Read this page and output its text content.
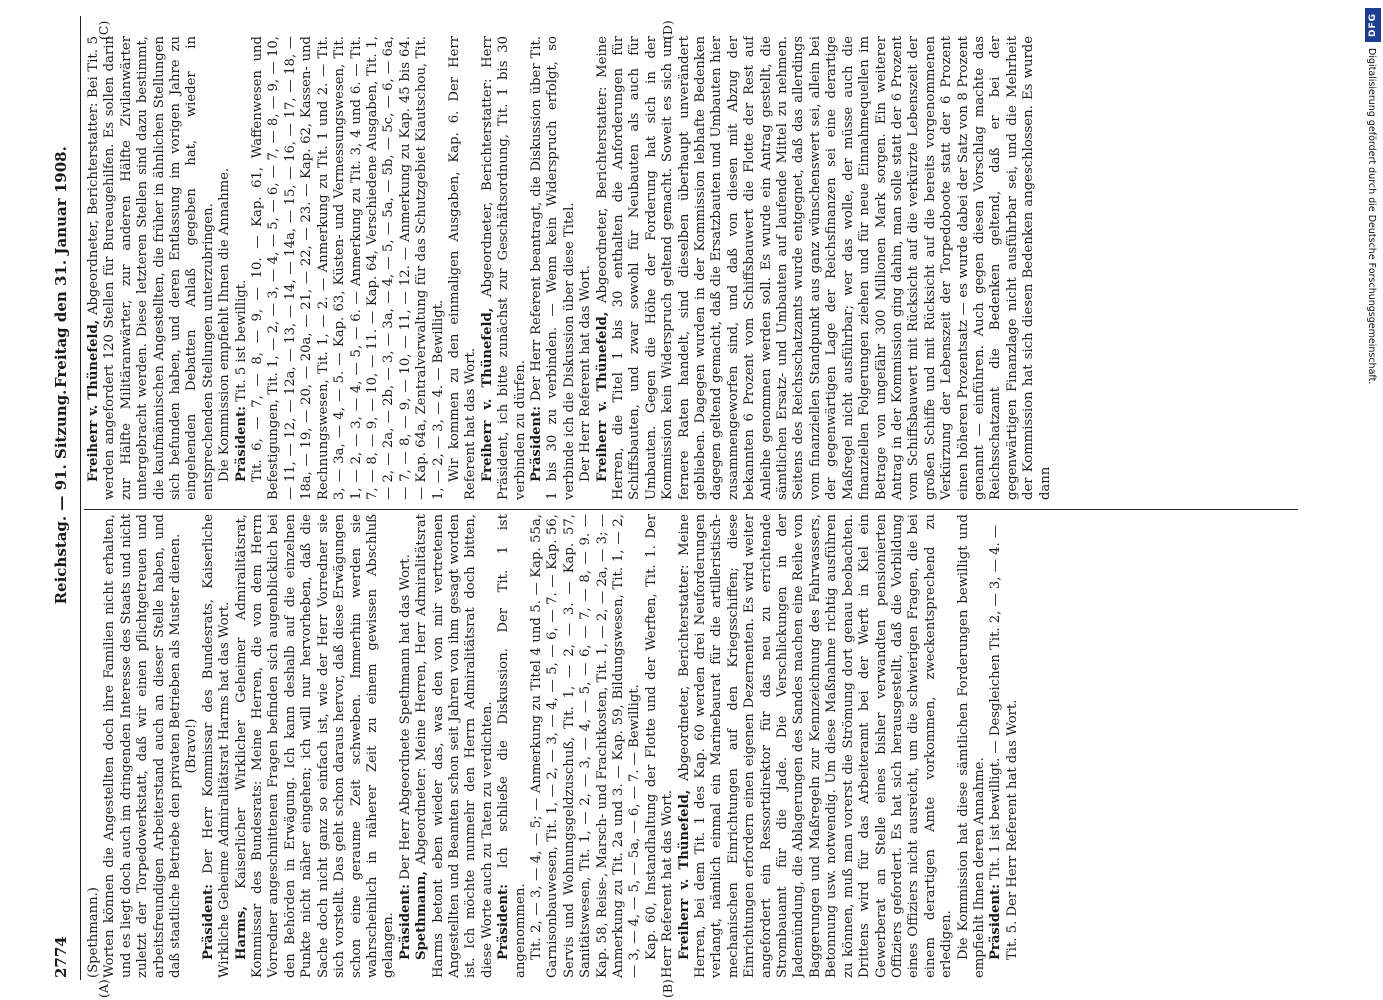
2774
Reichstag. — 91. Sitzung.
Freitag den 31. Januar 1908.

(Spethmann.) Worten können die Angestellten doch ihre Familien nicht erhalten, und es liegt doch auch im dringenden Interesse des Staats und nicht zuletzt der Torpedowerkstatt, daß wir einen pflichtgetreuen und arbeitsfreundigen Arbeiterstand auch an dieser Stelle haben, und daß staatliche Betriebe den privaten Betrieben als Muster dienen. (Bravo!)

Präsident: Der Herr Kommissar des Bundesrats, Kaiserliche Wirkliche Geheime Admiralitätsrat Harms hat das Wort. Harms, Kaiserlicher Wirklicher Geheimer Admiralitätsrat, Kommissar des Bundesrats: Meine Herren, die von dem Herrn Vorredner angeschnittenen Fragen befinden sich augenblicklich bei den Behörden in Erwägung. Ich kann deshalb auf die einzelnen Punkte nicht näher eingehen; ich will nur hervorheben, daß die Sache doch nicht ganz so einfach ist, wie der Herr Vorredner sie sich vorstellt. Das geht schon daraus hervor, daß diese Erwägungen schon eine geraume Zeit schweben. Immerhin werden sie wahrscheinlich in näherer Zeit zu einem gewissen Abschluß gelangen. Präsident: Der Herr Abgeordnete Spethmann hat das Wort.

Spethmann, Abgeordneter: Meine Herren, Herr Admiralitätsrat Harms betont eben wieder das, was den von mir vertretenen Angestellten und Beamten schon seit Jahren von ihm gesagt worden ist. Ich möchte nunmehr den Herrn Admiralitätsrat doch bitten, diese Worte auch zu Taten zu verdichten. Präsident: Ich schließe die Diskussion. Der Tit. 1 ist angenommen. Tit. 2, — 3, — 4, — 5; — Anmerkung zu Titel 4 und 5. — Kap. 55a, Garnisonbauwesen, Tit. 1, — 2, — 3, — 4, — 5, — 6, — 7. — Kap. 56, Servis und Wohnungsgeldzuschuß, Tit. 1, — 2, — 3. — Kap. 57, Sanitätswesen, Tit. 1, — 2, — 3, — 4, — 5, — 6, — 7, — 8, — 9. — Kap. 58, Reise-, Marsch- und Frachtkosten, Tit. 1, — 2, — 2a, — 3; — Anmerkung zu Tit. 2a und 3. — Kap. 59, Bildungswesen, Tit. 1, — 2, — 3, — 4, — 5, — 5a, — 6, — 7. — Bewilligt. Kap. 60, Instandhaltung der Flotte und der Werften, Tit. 1. Der Herr Referent hat das Wort. Freiherr v. Thünefeld, Abgeordneter, Berichterstatter: Meine Herren, bei dem Tit. 1 des Kap. 60 werden drei Neuforderungen verlangt, nämlich einmal ein Marinebaurat für die artilleristisch-mechanischen Einrichtungen auf den Kriegsschiffen; diese Einrichtungen erfordern einen eigenen Dezernenten. Es wird weiter angefordert ein Ressortdirektor für das neu zu errichtende Strombauamt für die Jade. Die Verschlickungen in der Jademündung, die Ablagerungen des Sandes machen eine Reihe von Baggerungen und Maßregeln zur Kennzeichnung des Fahrwassers, Betonnung usw. notwendig. Um diese Maßnahme richtig ausführen zu können, muß man vorerst die Strömung dort genau beobachten. Drittens wird für das Arbeiteramt bei der Werft in Kiel ein Gewerberat an Stelle eines bisher verwandten pensionierten Offiziers gefordert. Es hat sich herausgestellt, daß die Vorbildung eines Offiziers nicht ausreicht, um die schwierigen Fragen, die bei einem derartigen Amte vorkommen, zweckentsprechend zu erledigen. Die Kommission hat diese sämtlichen Forderungen bewilligt und empfiehlt Ihnen deren Annahme. Präsident: Tit. 1 ist bewilligt. — Desgleichen Tit. 2, — 3, — 4. — Tit. 5. Der Herr Referent hat das Wort.

Freiherr v. Thünefeld, Abgeordneter, Berichterstatter: Bei Tit. 5 werden angefordert 120 Stellen für Bureaugehilfen. Es sollen darin zur Hälfte Militäranwärter, zur anderen Hälfte Zivilanwärter untergebracht werden. Diese letzteren Stellen sind dazu bestimmt, die kaufmännischen Angestellten, die früher in ähnlichen Stellungen sich befunden haben, und deren Entlassung im vorigen Jahre zu eingehenden Debatten Anlaß gegeben hat, wieder in entsprechenden Stellungen unterzubringen. Die Kommission empfiehlt Ihnen die Annahme. Präsident: Tit. 5 ist bewilligt. Tit. 6, — 7, — 8, — 9, — 10. — Kap. 61, Waffenwesen und Befestigungen, Tit. 1, — 2, — 3, — 4, — 5, — 6, — 7, — 8, — 9, — 10, — 11, — 12, — 12a, — 13, — 14, — 14a, — 15, — 16, — 17, — 18, — 18a, — 19, — 20, — 20a, — 21, — 22, — 23. — Kap. 62, Kassen- und Rechnungswesen, Tit. 1, — 2. — Anmerkung zu Tit. 1 und 2. — Tit. 3, — 3a, — 4, — 5. — Kap. 63, Küsten- und Vermessungswesen, Tit. 1, — 2, — 3, — 4, — 5, — 6. — Anmerkung zu Tit. 3, 4 und 6. — Tit. 7, — 8, — 9, — 10, — 11. — Kap. 64, Verschiedene Ausgaben, Tit. 1, — 2, — 2a, — 2b, — 3, — 3a, — 4, — 5, — 5a, — 5b, — 5c, — 6, — 6a, — 7, — 8, — 9, — 10, — 11, — 12. — Anmerkung zu Kap. 45 bis 64. — Kap. 64a, Zentralverwaltung für das Schutzgebiet Kiautschou, Tit. 1, — 2, — 3, — 4. — Bewilligt. Wir kommen zu den einmaligen Ausgaben, Kap. 6. Der Herr Referent hat das Wort. Freiherr v. Thünefeld, Abgeordneter, Berichterstatter: Herr Präsident, ich bitte zunächst zur Geschäftsordnung, Tit. 1 bis 30 verbinden zu dürfen. Präsident: Der Herr Referent beantragt, die Diskussion über Tit. 1 bis 30 zu verbinden. — Wenn kein Widerspruch erfolgt, so verbinde ich die Diskussion über diese Titel. Der Herr Referent hat das Wort. Freiherr v. Thünefeld, Abgeordneter, Berichterstatter: Meine Herren, die Titel 1 bis 30 enthalten die Anforderungen für Schiffsbauten, und zwar sowohl für Neubauten als auch für Umbauten. Gegen die Höhe der Forderung hat sich in der Kommission kein Widerspruch geltend gemacht. Soweit es sich um fernere Raten handelt, sind dieselben überhaupt unverändert geblieben. Dagegen wurden in der Kommission lebhafte Bedenken dagegen geltend gemacht, daß die Ersatzbauten und Umbauten hier zusammengeworfen sind, und daß von diesen mit Abzug der bekannten 6 Prozent vom Schiffsbauwert die Flotte der Rest auf Anleihe genommen werden soll. Es wurde ein Antrag gestellt, die sämtlichen Ersatz- und Umbauten auf laufende Mittel zu nehmen. Seitens des Reichsschatzamts wurde entgegnet, daß das allerdings vom finanziellen Standpunkt aus ganz wünschenswert sei, allein bei der gegenwärtigen Lage der Reichsfinanzen sei eine derartige Maßregel nicht ausführbar; wer das wolle, der müsse auch die finanziellen Folgerungen ziehen und für neue Einnahmequellen im Betrage von ungefähr 300 Millionen Mark sorgen. Ein weiterer Antrag in der Kommission ging dahin, man solle statt der 6 Prozent vom Schiffsbauwert mit Rücksicht auf die verkürzte Lebenszeit der großen Schiffe und mit Rücksicht auf die bereits vorgenommenen Verkürzung der Lebenszeit der Torpedoboote statt der 6 Prozent einen höheren Prozentsatz — es wurde dabei der Satz von 8 Prozent genannt — einführen. Auch gegen diesen Vorschlag machte das Reichsschatzamt die Bedenken geltend, daß er bei der gegenwärtigen Finanzlage nicht ausführbar sei, und die Mehrheit der Kommission hat sich diesen Bedenken angeschlossen. Es wurde dann

(A)	(B)
(C)	(D)	DFG
Digitalisierung gefördert durch die Deutsche Forschungsgemeinschaft.
